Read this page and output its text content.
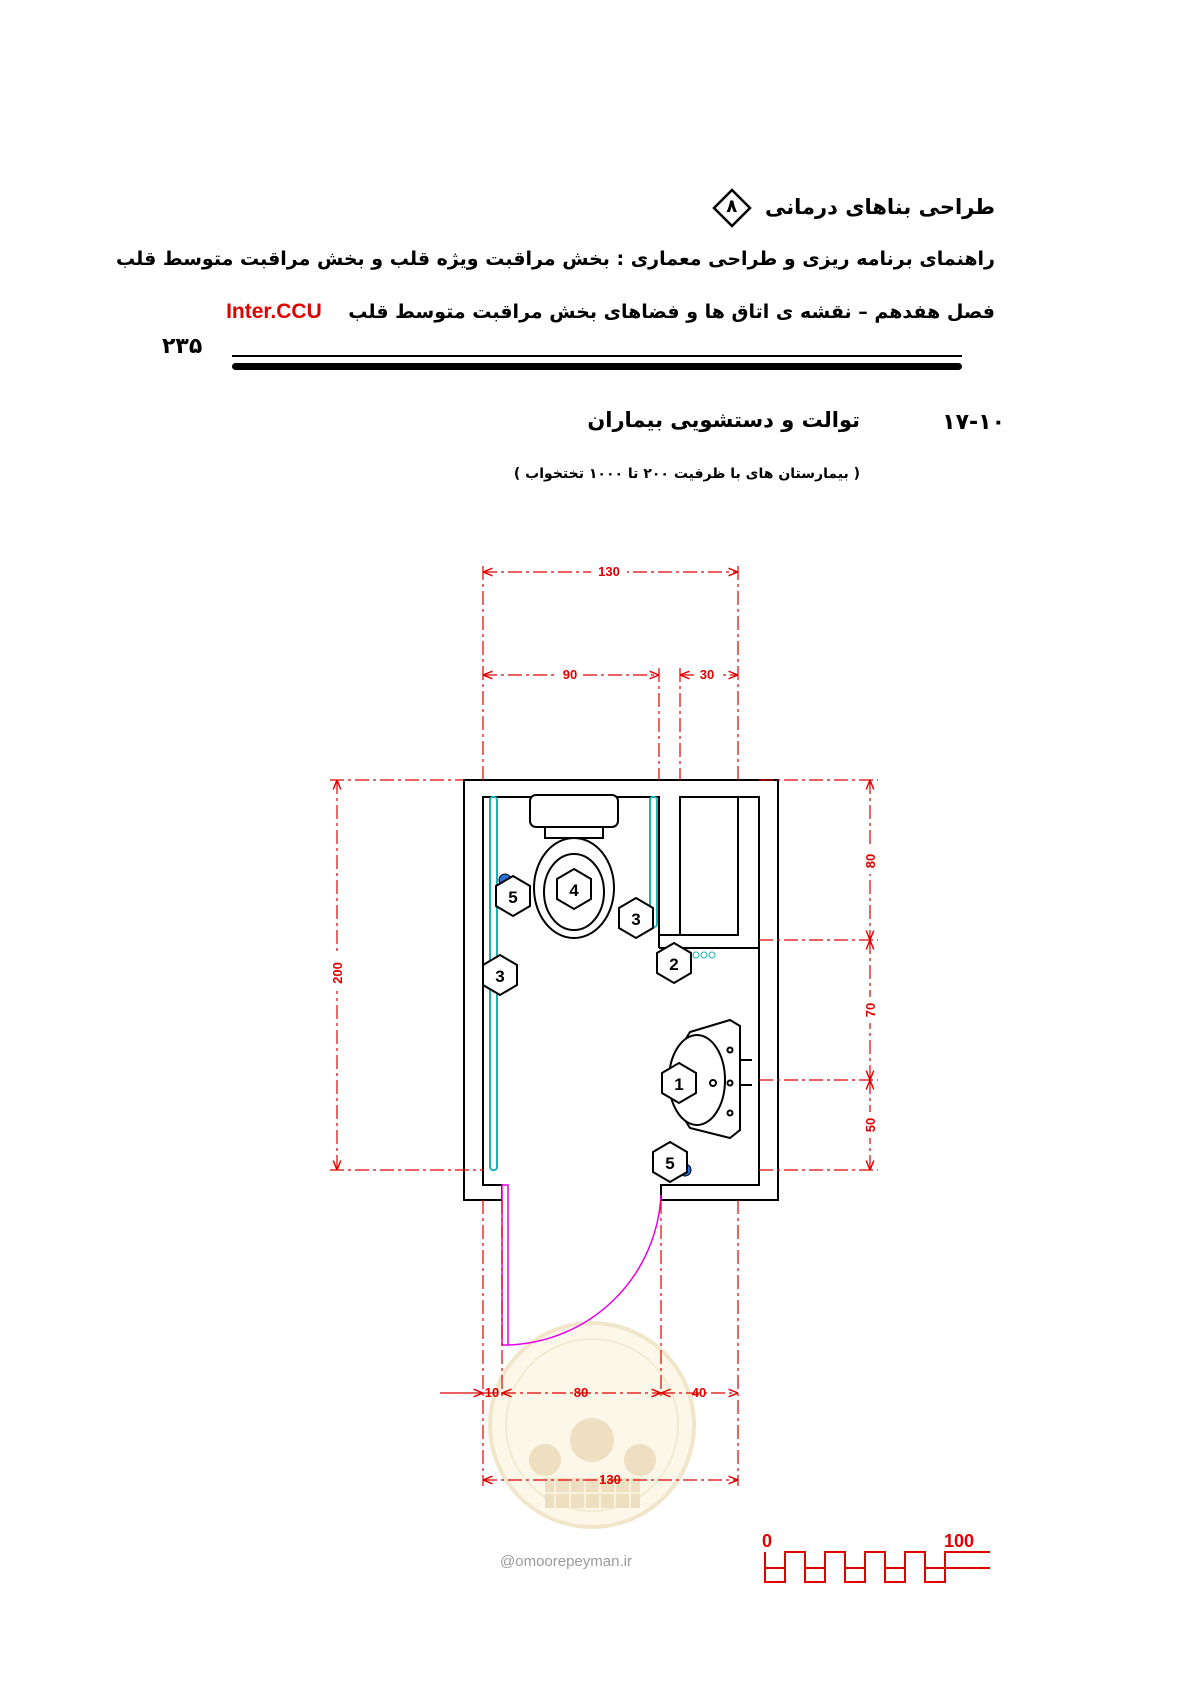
طراحی بناهای درمانی
۸
راهنمای برنامه ریزی و طراحی معماری : بخش مراقبت ویژه قلب و بخش مراقبت متوسط قلب
فصل هفدهم – نقشه ی اتاق ها و فضاهای بخش مراقبت متوسط قلب    Inter.CCU
۲۳۵
۱۷-۱۰
توالت و دستشویی بیماران
( بیمارستان های با ظرفیت ۲۰۰ تا ۱۰۰۰ تختخواب )
@omoorepeyman.ir
1
2
3
3
4
5
5
130
90	30
200
80
70
50
10	80	40
130
0	100
